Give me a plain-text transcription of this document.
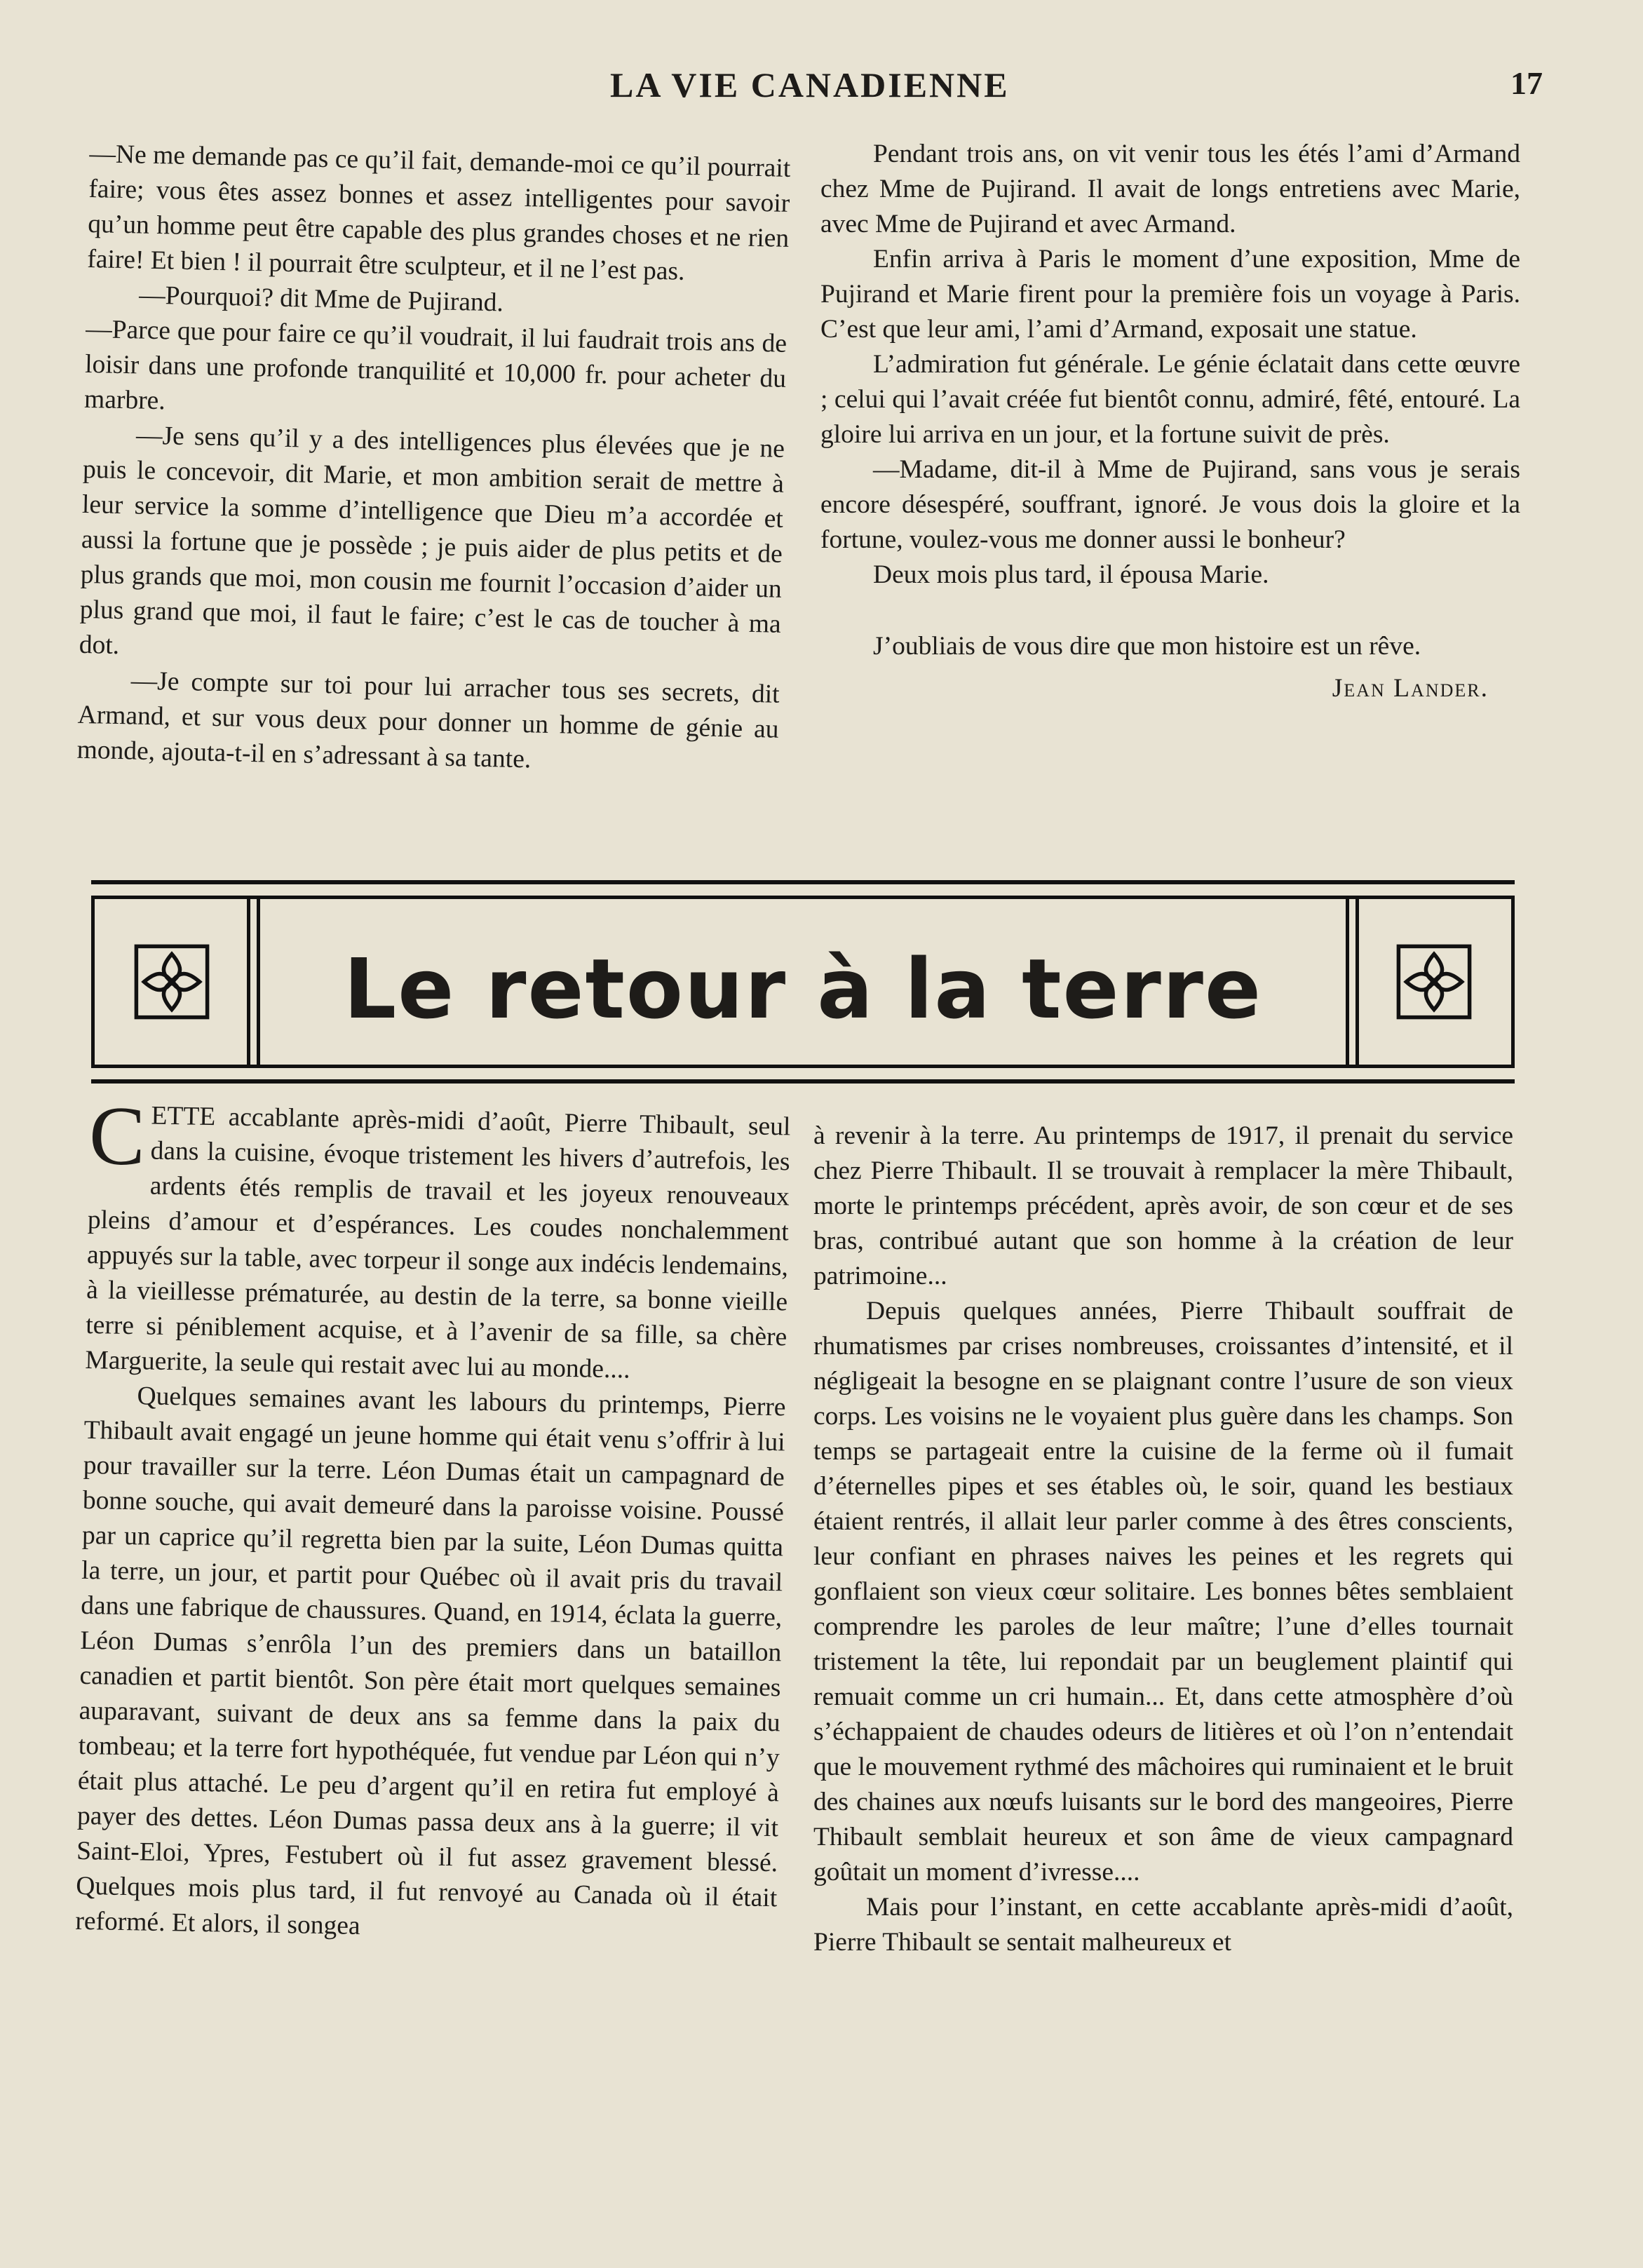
LA VIE CANADIENNE	17

—Ne me demande pas ce qu’il fait, demande-moi ce qu’il pourrait faire; vous êtes assez bonnes et assez intelligentes pour savoir qu’un homme peut être capable des plus grandes choses et ne rien faire! Et bien ! il pourrait être sculpteur, et il ne l’est pas.

—Pourquoi? dit Mme de Pujirand.

—Parce que pour faire ce qu’il voudrait, il lui faudrait trois ans de loisir dans une profonde tranquilité et 10,000 fr. pour acheter du marbre.

—Je sens qu’il y a des intelligences plus élevées que je ne puis le concevoir, dit Marie, et mon ambition serait de mettre à leur service la somme d’intelligence que Dieu m’a accordée et aussi la fortune que je possède ; je puis aider de plus petits et de plus grands que moi, mon cousin me fournit l’occasion d’aider un plus grand que moi, il faut le faire; c’est le cas de toucher à ma dot.

—Je compte sur toi pour lui arracher tous ses secrets, dit Armand, et sur vous deux pour donner un homme de génie au monde, ajouta-t-il en s’adressant à sa tante.

Pendant trois ans, on vit venir tous les étés l’ami d’Armand chez Mme de Pujirand. Il avait de longs entretiens avec Marie, avec Mme de Pujirand et avec Armand.

Enfin arriva à Paris le moment d’une exposition, Mme de Pujirand et Marie firent pour la première fois un voyage à Paris. C’est que leur ami, l’ami d’Armand, exposait une statue.

L’admiration fut générale. Le génie éclatait dans cette œuvre ; celui qui l’avait créée fut bientôt connu, admiré, fêté, entouré. La gloire lui arriva en un jour, et la fortune suivit de près.

—Madame, dit-il à Mme de Pujirand, sans vous je serais encore désespéré, souffrant, ignoré. Je vous dois la gloire et la fortune, voulez-vous me donner aussi le bonheur?

Deux mois plus tard, il épousa Marie.

J’oubliais de vous dire que mon histoire est un rêve.

Jean Lander.
Le retour à la terre

CETTE accablante après-midi d’août, Pierre Thibault, seul dans la cuisine, évoque tristement les hivers d’autrefois, les ardents étés remplis de travail et les joyeux renouveaux pleins d’amour et d’espérances. Les coudes nonchalemment appuyés sur la table, avec torpeur il songe aux indécis lendemains, à la vieillesse prématurée, au destin de la terre, sa bonne vieille terre si péniblement acquise, et à l’avenir de sa fille, sa chère Marguerite, la seule qui restait avec lui au monde....

Quelques semaines avant les labours du printemps, Pierre Thibault avait engagé un jeune homme qui était venu s’offrir à lui pour travailler sur la terre. Léon Dumas était un campagnard de bonne souche, qui avait demeuré dans la paroisse voisine. Poussé par un caprice qu’il regretta bien par la suite, Léon Dumas quitta la terre, un jour, et partit pour Québec où il avait pris du travail dans une fabrique de chaussures. Quand, en 1914, éclata la guerre, Léon Dumas s’enrôla l’un des premiers dans un bataillon canadien et partit bientôt. Son père était mort quelques semaines auparavant, suivant de deux ans sa femme dans la paix du tombeau; et la terre fort hypothéquée, fut vendue par Léon qui n’y était plus attaché. Le peu d’argent qu’il en retira fut employé à payer des dettes. Léon Dumas passa deux ans à la guerre; il vit Saint-Eloi, Ypres, Festubert où il fut assez gravement blessé. Quelques mois plus tard, il fut renvoyé au Canada où il était reformé. Et alors, il songea

à revenir à la terre. Au printemps de 1917, il prenait du service chez Pierre Thibault. Il se trouvait à remplacer la mère Thibault, morte le printemps précédent, après avoir, de son cœur et de ses bras, contribué autant que son homme à la création de leur patrimoine...

Depuis quelques années, Pierre Thibault souffrait de rhumatismes par crises nombreuses, croissantes d’intensité, et il négligeait la besogne en se plaignant contre l’usure de son vieux corps. Les voisins ne le voyaient plus guère dans les champs. Son temps se partageait entre la cuisine de la ferme où il fumait d’éternelles pipes et ses étables où, le soir, quand les bestiaux étaient rentrés, il allait leur parler comme à des êtres conscients, leur confiant en phrases naives les peines et les regrets qui gonflaient son vieux cœur solitaire. Les bonnes bêtes semblaient comprendre les paroles de leur maître; l’une d’elles tournait tristement la tête, lui repondait par un beuglement plaintif qui remuait comme un cri humain... Et, dans cette atmosphère d’où s’échappaient de chaudes odeurs de litières et où l’on n’entendait que le mouvement rythmé des mâchoires qui ruminaient et le bruit des chaines aux nœufs luisants sur le bord des mangeoires, Pierre Thibault semblait heureux et son âme de vieux campagnard goûtait un moment d’ivresse....

Mais pour l’instant, en cette accablante après-midi d’août, Pierre Thibault se sentait malheureux et
